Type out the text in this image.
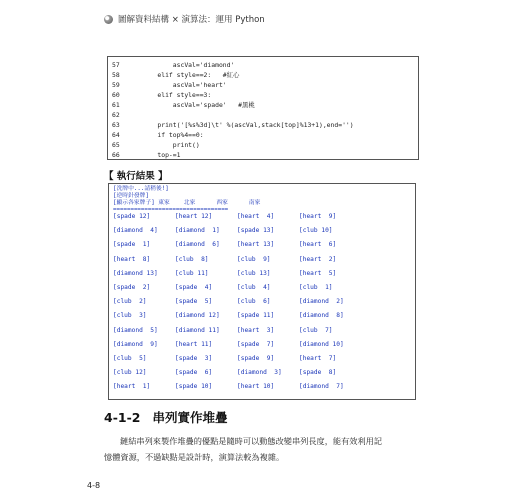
圖解資料結構 × 演算法：運用 Python
57	ascVal='diamond'
58	elif style==2:   #紅心
59	ascVal='heart'
60	elif style==3:
61	ascVal='spade'   #黑桃
62
63	print('[%s%3d]\t' %(ascVal,stack[top]%13+1),end='')
64	if top%4==0:
65	print()
66	top-=1
【 執行結果 】
[洗牌中...請稍後!]
[逆時針發牌]
[顯示各家牌子] 東家    北家      西家      南家
=================================
[spade 12]	[heart 12]	[heart  4]	[heart  9]
[diamond  4]	[diamond  1]	[spade 13]	[club 10]
[spade  1]	[diamond  6]	[heart 13]	[heart  6]
[heart  8]	[club  8]	[club  9]	[heart  2]
[diamond 13]	[club 11]	[club 13]	[heart  5]
[spade  2]	[spade  4]	[club  4]	[club  1]
[club  2]	[spade  5]	[club  6]	[diamond  2]
[club  3]	[diamond 12]	[spade 11]	[diamond  8]
[diamond  5]	[diamond 11]	[heart  3]	[club  7]
[diamond  9]	[heart 11]	[spade  7]	[diamond 10]
[club  5]	[spade  3]	[spade  9]	[heart  7]
[club 12]	[spade  6]	[diamond  3]	[spade  8]
[heart  1]	[spade 10]	[heart 10]	[diamond  7]
4-1-2 串列實作堆疊
鏈結串列來製作堆疊的優點是隨時可以動態改變串列長度，能有效利用記
憶體資源，不過缺點是設計時，演算法較為複雜。
4-8
